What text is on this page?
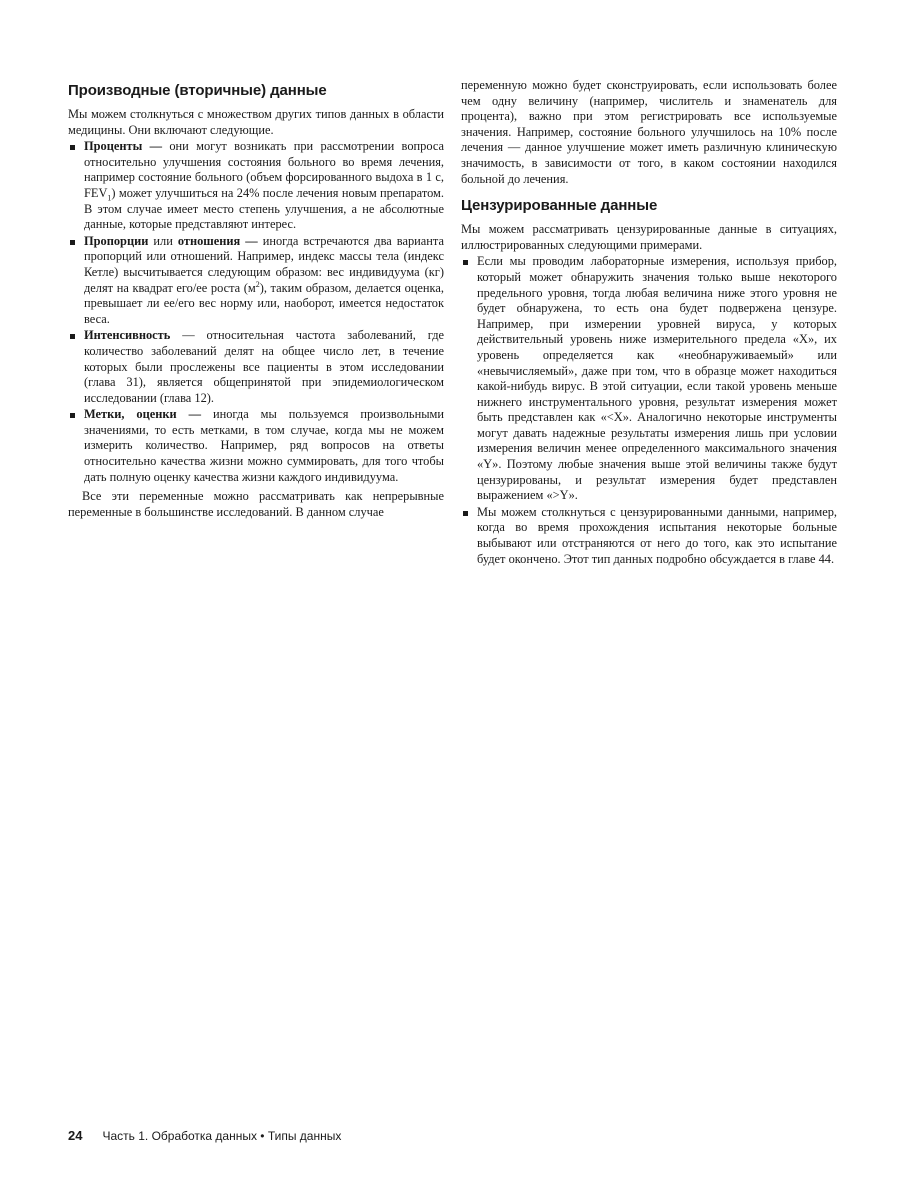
Производные (вторичные) данные

Мы можем столкнуться с множеством других типов данных в области медицины. Они включают следующие.

Проценты — они могут возникать при рассмотрении вопроса относительно улучшения состояния больного во время лечения, например состояние больного (объем форсированного выдоха в 1 с, $FEV_1$) может улучшиться на 24% после лечения новым препаратом. В этом случае имеет место степень улучшения, а не абсолютные данные, которые представляют интерес.
Пропорции или отношения — иногда встречаются два варианта пропорций или отношений. Например, индекс массы тела (индекс Кетле) высчитывается следующим образом: вес индивидуума (кг) делят на квадрат его/ее роста $(м^2)$, таким образом, делается оценка, превышает ли ее/его вес норму или, наоборот, имеется недостаток веса.
Интенсивность — относительная частота заболеваний, где количество заболеваний делят на общее число лет, в течение которых были прослежены все пациенты в этом исследовании (глава 31), является общепринятой при эпидемиологическом исследовании (глава 12).
Метки, оценки — иногда мы пользуемся произвольными значениями, то есть метками, в том случае, когда мы не можем измерить количество. Например, ряд вопросов на ответы относительно качества жизни можно суммировать, для того чтобы дать полную оценку качества жизни каждого индивидуума.

Все эти переменные можно рассматривать как непрерывные переменные в большинстве исследований. В данном случае

переменную можно будет сконструировать, если использовать более чем одну величину (например, числитель и знаменатель для процента), важно при этом регистрировать все используемые значения. Например, состояние больного улучшилось на 10% после лечения — данное улучшение может иметь различную клиническую значимость, в зависимости от того, в каком состоянии находился больной до лечения.

Цензурированные данные

Мы можем рассматривать цензурированные данные в ситуациях, иллюстрированных следующими примерами.

Если мы проводим лабораторные измерения, используя прибор, который может обнаружить значения только выше некоторого предельного уровня, тогда любая величина ниже этого уровня не будет обнаружена, то есть она будет подвержена цензуре. Например, при измерении уровней вируса, у которых действительный уровень ниже измерительного предела «X», их уровень определяется как «необнаруживаемый» или «невычисляемый», даже при том, что в образце может находиться какой-нибудь вирус. В этой ситуации, если такой уровень меньше нижнего инструментального уровня, результат измерения может быть представлен как «<X». Аналогично некоторые инструменты могут давать надежные результаты измерения лишь при условии измерения величин менее определенного максимального значения «Y». Поэтому любые значения выше этой величины также будут цензурированы, и результат измерения будет представлен выражением «>Y».
Мы можем столкнуться с цензурированными данными, например, когда во время прохождения испытания некоторые больные выбывают или отстраняются от него до того, как это испытание будет окончено. Этот тип данных подробно обсуждается в главе 44.
24 Часть 1. Обработка данных • Типы данных
